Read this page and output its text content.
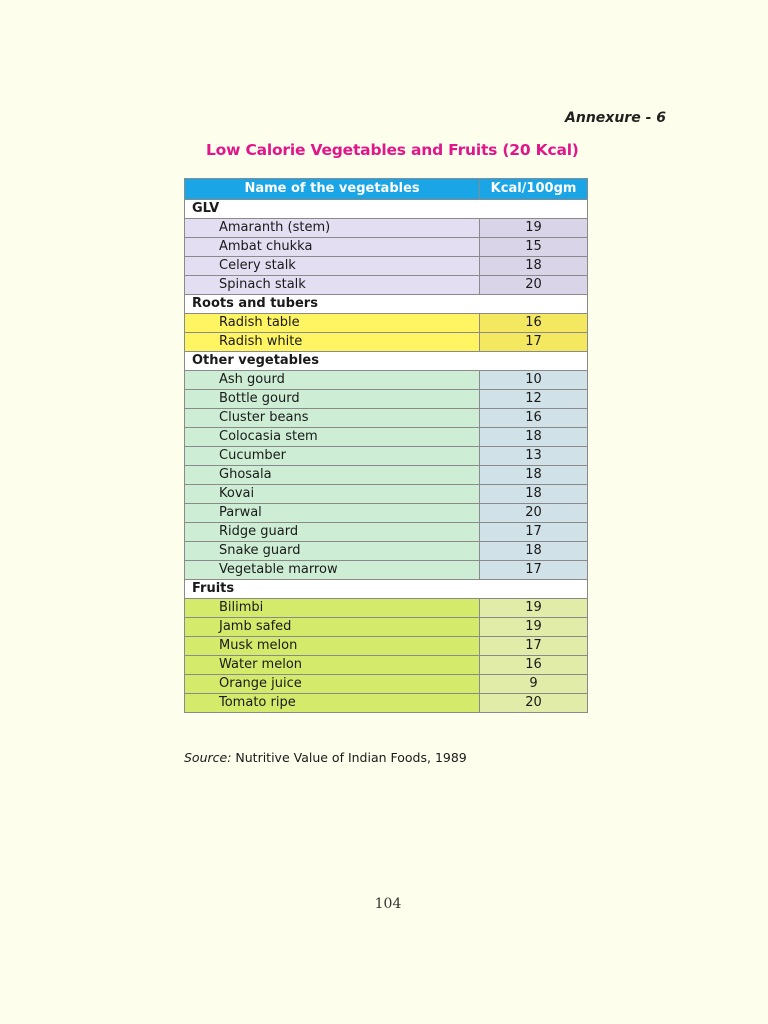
Annexure - 6
Low Calorie Vegetables and Fruits (20 Kcal)
Name of the vegetables	Kcal/100gm
GLV	
Amaranth (stem)	19
Ambat chukka	15
Celery stalk	18
Spinach stalk	20
Roots and tubers	
Radish table	16
Radish white	17
Other vegetables	
Ash gourd	10
Bottle gourd	12
Cluster beans	16
Colocasia stem	18
Cucumber	13
Ghosala	18
Kovai	18
Parwal	20
Ridge guard	17
Snake guard	18
Vegetable marrow	17
Fruits	
Bilimbi	19
Jamb safed	19
Musk melon	17
Water melon	16
Orange juice	9
Tomato ripe	20
Source: Nutritive Value of Indian Foods, 1989
104
